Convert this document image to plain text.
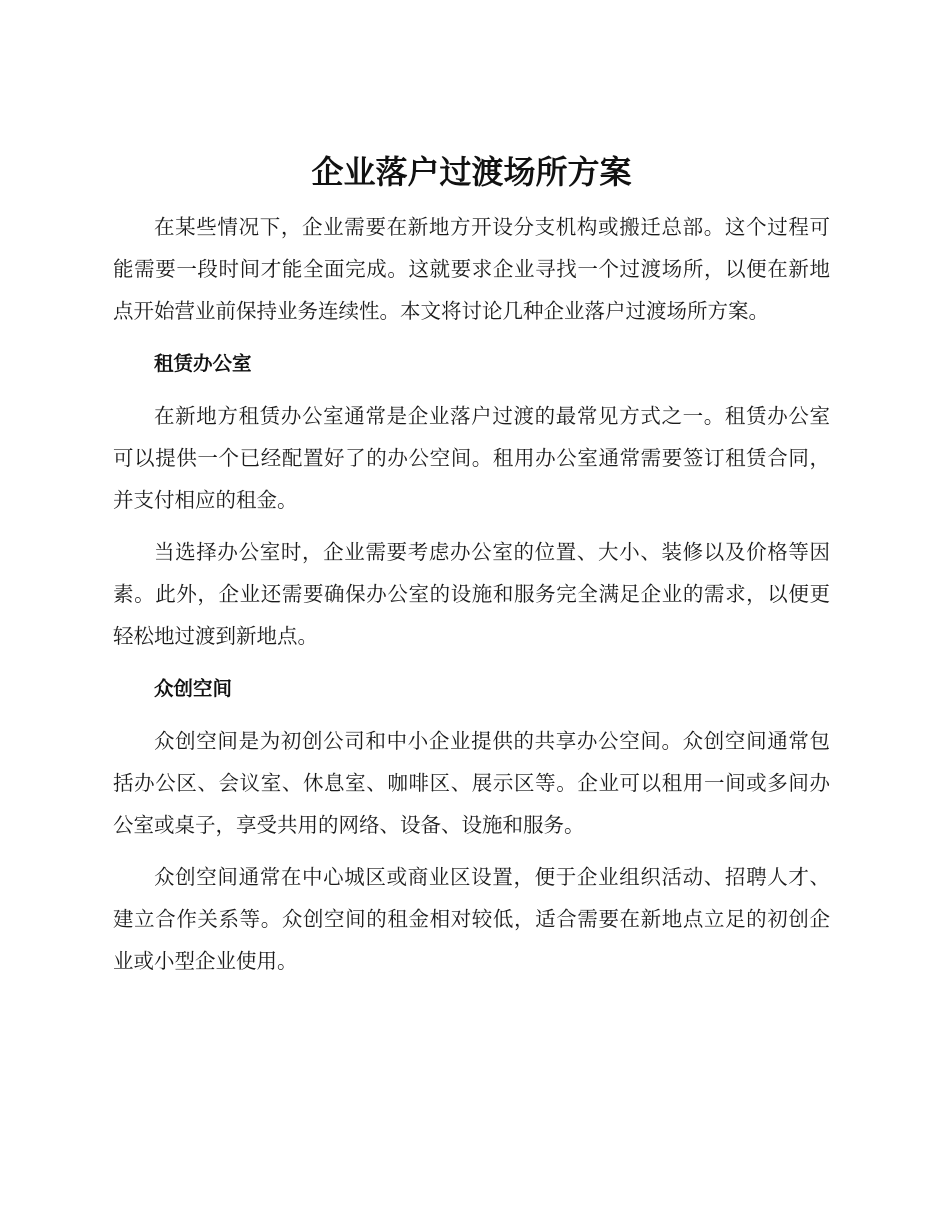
企业落户过渡场所方案

在某些情况下，企业需要在新地方开设分支机构或搬迁总部。这个过程可能需要一段时间才能全面完成。这就要求企业寻找一个过渡场所，以便在新地点开始营业前保持业务连续性。本文将讨论几种企业落户过渡场所方案。

租赁办公室

在新地方租赁办公室通常是企业落户过渡的最常见方式之一。租赁办公室可以提供一个已经配置好了的办公空间。租用办公室通常需要签订租赁合同，并支付相应的租金。

当选择办公室时，企业需要考虑办公室的位置、大小、装修以及价格等因素。此外，企业还需要确保办公室的设施和服务完全满足企业的需求，以便更轻松地过渡到新地点。

众创空间

众创空间是为初创公司和中小企业提供的共享办公空间。众创空间通常包括办公区、会议室、休息室、咖啡区、展示区等。企业可以租用一间或多间办公室或桌子，享受共用的网络、设备、设施和服务。

众创空间通常在中心城区或商业区设置，便于企业组织活动、招聘人才、建立合作关系等。众创空间的租金相对较低，适合需要在新地点立足的初创企业或小型企业使用。
